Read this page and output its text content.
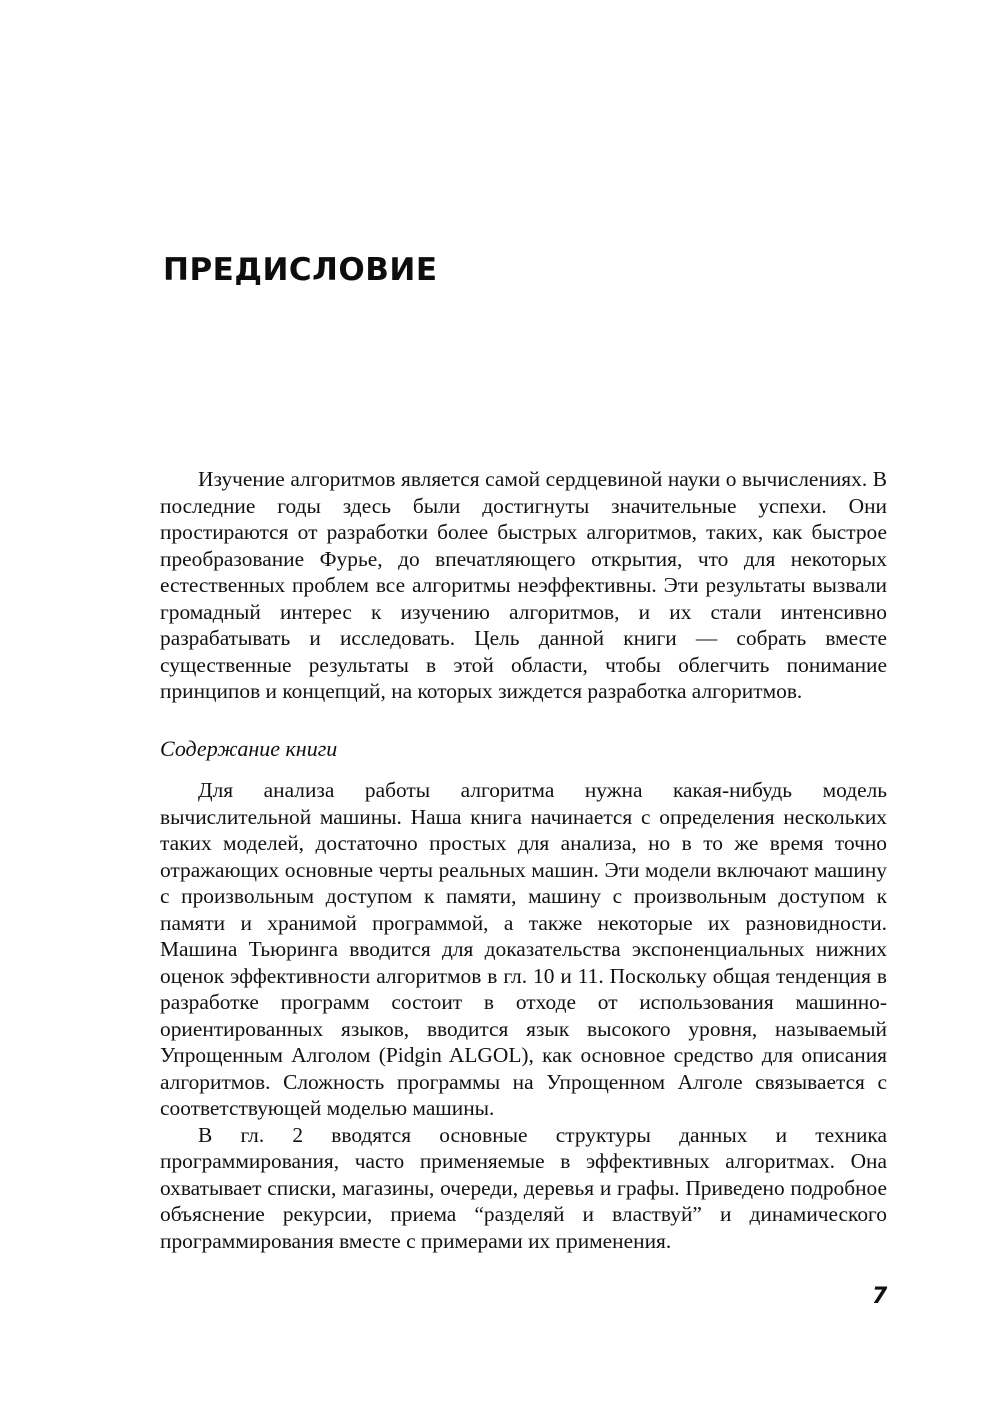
ПРЕДИСЛОВИЕ

Изучение алгоритмов является самой сердцевиной науки о вычислениях. В последние годы здесь были достигнуты значительные успехи. Они простираются от разработки более быстрых алгоритмов, таких, как быстрое преобразование Фурье, до впечатляющего открытия, что для некоторых естественных проблем все алгоритмы неэффективны. Эти результаты вызвали громадный интерес к изучению алгоритмов, и их стали интенсивно разрабатывать и исследовать. Цель данной книги — собрать вместе существенные результаты в этой области, чтобы облегчить понимание принципов и концепций, на которых зиждется разработка алгоритмов.

Содержание книги

Для анализа работы алгоритма нужна какая-нибудь модель вычислительной машины. Наша книга начинается с определения нескольких таких моделей, достаточно простых для анализа, но в то же время точно отражающих основные черты реальных машин. Эти модели включают машину с произвольным доступом к памяти, машину с произвольным доступом к памяти и хранимой программой, а также некоторые их разновидности. Машина Тьюринга вводится для доказательства экспоненциальных нижних оценок эффективности алгоритмов в гл. 10 и 11. Поскольку общая тенденция в разработке программ состоит в отходе от использования машинно-ориентированных языков, вводится язык высокого уровня, называемый Упрощенным Алголом (Pidgin ALGOL), как основное средство для описания алгоритмов. Сложность программы на Упрощенном Алголе связывается с соответствующей моделью машины.

В гл. 2 вводятся основные структуры данных и техника программирования, часто применяемые в эффективных алгоритмах. Она охватывает списки, магазины, очереди, деревья и графы. Приведено подробное объяснение рекурсии, приема “разделяй и властвуй” и динамического программирования вместе с примерами их применения.

7
